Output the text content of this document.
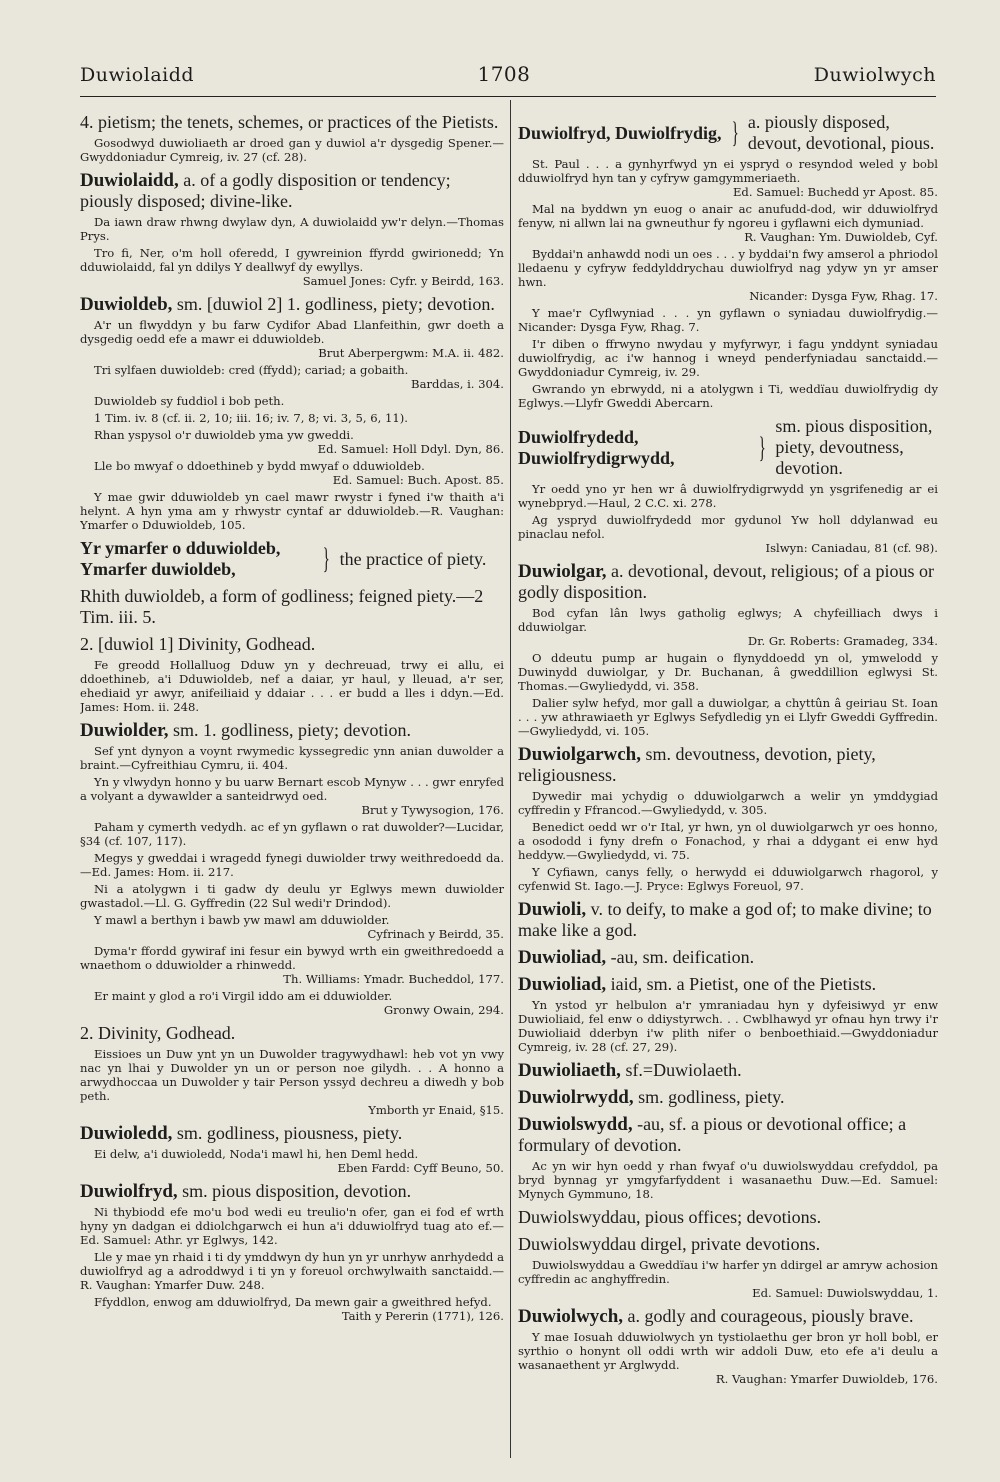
Duwiolaidd	1708	Duwiolwych

4. pietism; the tenets, schemes, or practices of the Pietists.

Gosodwyd duwioliaeth ar droed gan y duwiol a'r dysgedig Spener.—Gwyddoniadur Cymreig, iv. 27 (cf. 28).

Duwiolaidd, a. of a godly disposition or tendency; piously disposed; divine-like.

Da iawn draw rhwng dwylaw dyn, A duwiolaidd yw'r delyn.—Thomas Prys.

Tro fi, Ner, o'm holl oferedd, I gywreinion ffyrdd gwirionedd; Yn dduwiolaidd, fal yn ddilys Y deallwyf dy ewyllys.

Samuel Jones: Cyfr. y Beirdd, 163.

Duwioldeb, sm. [duwiol 2] 1. godliness, piety; devotion.

A'r un flwyddyn y bu farw Cydifor Abad Llanfeithin, gwr doeth a dysgedig oedd efe a mawr ei dduwioldeb.

Brut Aberpergwm: M.A. ii. 482.

Tri sylfaen duwioldeb: cred (ffydd); cariad; a gobaith.

Barddas, i. 304.

Duwioldeb sy fuddiol i bob peth.

1 Tim. iv. 8 (cf. ii. 2, 10; iii. 16; iv. 7, 8; vi. 3, 5, 6, 11).

Rhan yspysol o'r duwioldeb yma yw gweddi.

Ed. Samuel: Holl Ddyl. Dyn, 86.

Lle bo mwyaf o ddoethineb y bydd mwyaf o dduwioldeb.

Ed. Samuel: Buch. Apost. 85.

Y mae gwir dduwioldeb yn cael mawr rwystr i fyned i'w thaith a'i helynt. A hyn yma am y rhwystr cyntaf ar dduwioldeb.—R. Vaughan: Ymarfer o Dduwioldeb, 105.

Yr ymarfer o dduwioldeb, Ymarfer duwioldeb,	} the practice of piety.

Rhith duwioldeb, a form of godliness; feigned piety.—2 Tim. iii. 5.

2. [duwiol 1] Divinity, Godhead.

Fe greodd Hollalluog Dduw yn y dechreuad, trwy ei allu, ei ddoethineb, a'i Dduwioldeb, nef a daiar, yr haul, y lleuad, a'r ser, ehediaid yr awyr, anifeiliaid y ddaiar . . . er budd a lles i ddyn.—Ed. James: Hom. ii. 248.

Duwiolder, sm. 1. godliness, piety; devotion.

Sef ynt dynyon a voynt rwymedic kyssegredic ynn anian duwolder a braint.—Cyfreithiau Cymru, ii. 404.

Yn y vlwydyn honno y bu uarw Bernart escob Mynyw . . . gwr enryfed a volyant a dywawlder a santeidrwyd oed.

Brut y Tywysogion, 176.

Paham y cymerth vedydh. ac ef yn gyflawn o rat duwolder?—Lucidar, §34 (cf. 107, 117).

Megys y gweddai i wragedd fynegi duwiolder trwy weithredoedd da.—Ed. James: Hom. ii. 217.

Ni a atolygwn i ti gadw dy deulu yr Eglwys mewn duwiolder gwastadol.—Ll. G. Gyffredin (22 Sul wedi'r Drindod).

Y mawl a berthyn i bawb yw mawl am dduwiolder.

Cyfrinach y Beirdd, 35.

Dyma'r ffordd gywiraf ini fesur ein bywyd wrth ein gweithredoedd a wnaethom o dduwiolder a rhinwedd.

Th. Williams: Ymadr. Bucheddol, 177.

Er maint y glod a ro'i Virgil iddo am ei dduwiolder.

Gronwy Owain, 294.

2. Divinity, Godhead.

Eissioes un Duw ynt yn un Duwolder tragywydhawl: heb vot yn vwy nac yn lhai y Duwolder yn un or person noe gilydh. . . A honno a arwydhoccaa un Duwolder y tair Person yssyd dechreu a diwedh y bob peth.

Ymborth yr Enaid, §15.

Duwioledd, sm. godliness, piousness, piety.

Ei delw, a'i duwioledd, Noda'i mawl hi, hen Deml hedd.

Eben Fardd: Cyff Beuno, 50.

Duwiolfryd, sm. pious disposition, devotion.

Ni thybiodd efe mo'u bod wedi eu treulio'n ofer, gan ei fod ef wrth hyny yn dadgan ei ddiolchgarwch ei hun a'i dduwiolfryd tuag ato ef.—Ed. Samuel: Athr. yr Eglwys, 142.

Lle y mae yn rhaid i ti dy ymddwyn dy hun yn yr unrhyw anrhydedd a duwiolfryd ag a adroddwyd i ti yn y foreuol orchwylwaith sanctaidd.—R. Vaughan: Ymarfer Duw. 248.

Ffyddlon, enwog am dduwiolfryd, Da mewn gair a gweithred hefyd.

Taith y Pererin (1771), 126.

Duwiolfryd, Duwiolfrydig, } a. piously disposed, devout, devotional, pious.

St. Paul . . . a gynhyrfwyd yn ei yspryd o resyndod weled y bobl dduwiolfryd hyn tan y cyfryw gamgymmeriaeth.

Ed. Samuel: Buchedd yr Apost. 85.

Mal na byddwn yn euog o anair ac anufudd-dod, wir dduwiolfryd fenyw, ni allwn lai na gwneuthur fy ngoreu i gyflawni eich dymuniad.

R. Vaughan: Ym. Duwioldeb, Cyf.

Byddai'n anhawdd nodi un oes . . . y byddai'n fwy amserol a phriodol lledaenu y cyfryw feddylddrychau duwiolfryd nag ydyw yn yr amser hwn.

Nicander: Dysga Fyw, Rhag. 17.

Y mae'r Cyflwyniad . . . yn gyflawn o syniadau duwiolfrydig.—Nicander: Dysga Fyw, Rhag. 7.

I'r diben o ffrwyno nwydau y myfyrwyr, i fagu ynddynt syniadau duwiolfrydig, ac i'w hannog i wneyd penderfyniadau sanctaidd.—Gwyddoniadur Cymreig, iv. 29.

Gwrando yn ebrwydd, ni a atolygwn i Ti, weddïau duwiolfrydig dy Eglwys.—Llyfr Gweddi Abercarn.

Duwiolfrydedd, Duwiolfrydigrwydd,	}
sm. pious disposition, piety, devoutness, devotion.

Yr oedd yno yr hen wr â duwiolfrydigrwydd yn ysgrifenedig ar ei wynebpryd.—Haul, 2 C.C. xi. 278.

Ag yspryd duwiolfrydedd mor gydunol Yw holl ddylanwad eu pinaclau nefol.

Islwyn: Caniadau, 81 (cf. 98).

Duwiolgar, a. devotional, devout, religious; of a pious or godly disposition.

Bod cyfan lân lwys gatholig eglwys; A chyfeilliach dwys i dduwiolgar.

Dr. Gr. Roberts: Gramadeg, 334.

O ddeutu pump ar hugain o flynyddoedd yn ol, ymwelodd y Duwinydd duwiolgar, y Dr. Buchanan, â gweddillion eglwysi St. Thomas.—Gwyliedydd, vi. 358.

Dalier sylw hefyd, mor gall a duwiolgar, a chyttûn â geiriau St. Ioan . . . yw athrawiaeth yr Eglwys Sefydledig yn ei Llyfr Gweddi Gyffredin.—Gwyliedydd, vi. 105.

Duwiolgarwch, sm. devoutness, devotion, piety, religiousness.

Dywedir mai ychydig o dduwiolgarwch a welir yn ymddygiad cyffredin y Ffrancod.—Gwyliedydd, v. 305.

Benedict oedd wr o'r Ital, yr hwn, yn ol duwiolgarwch yr oes honno, a osododd i fyny drefn o Fonachod, y rhai a ddygant ei enw hyd heddyw.—Gwyliedydd, vi. 75.

Y Cyfiawn, canys felly, o herwydd ei dduwiolgarwch rhagorol, y cyfenwid St. Iago.—J. Pryce: Eglwys Foreuol, 97.

Duwioli, v. to deify, to make a god of; to make divine; to make like a god.

Duwioliad, -au, sm. deification.

Duwioliad, iaid, sm. a Pietist, one of the Pietists.

Yn ystod yr helbulon a'r ymraniadau hyn y dyfeisiwyd yr enw Duwioliaid, fel enw o ddiystyrwch. . . Cwblhawyd yr ofnau hyn trwy i'r Duwioliaid dderbyn i'w plith nifer o benboethiaid.—Gwyddoniadur Cymreig, iv. 28 (cf. 27, 29).

Duwioliaeth, sf.=Duwiolaeth.

Duwiolrwydd, sm. godliness, piety.

Duwiolswydd, -au, sf. a pious or devotional office; a formulary of devotion.

Ac yn wir hyn oedd y rhan fwyaf o'u duwiolswyddau crefyddol, pa bryd bynnag yr ymgyfarfyddent i wasanaethu Duw.—Ed. Samuel: Mynych Gymmuno, 18.

Duwiolswyddau, pious offices; devotions.

Duwiolswyddau dirgel, private devotions.

Duwiolswyddau a Gweddïau i'w harfer yn ddirgel ar amryw achosion cyffredin ac anghyffredin.

Ed. Samuel: Duwiolswyddau, 1.

Duwiolwych, a. godly and courageous, piously brave.

Y mae Iosuah dduwiolwych yn tystiolaethu ger bron yr holl bobl, er syrthio o honynt oll oddi wrth wir addoli Duw, eto efe a'i deulu a wasanaethent yr Arglwydd.

R. Vaughan: Ymarfer Duwioldeb, 176.
